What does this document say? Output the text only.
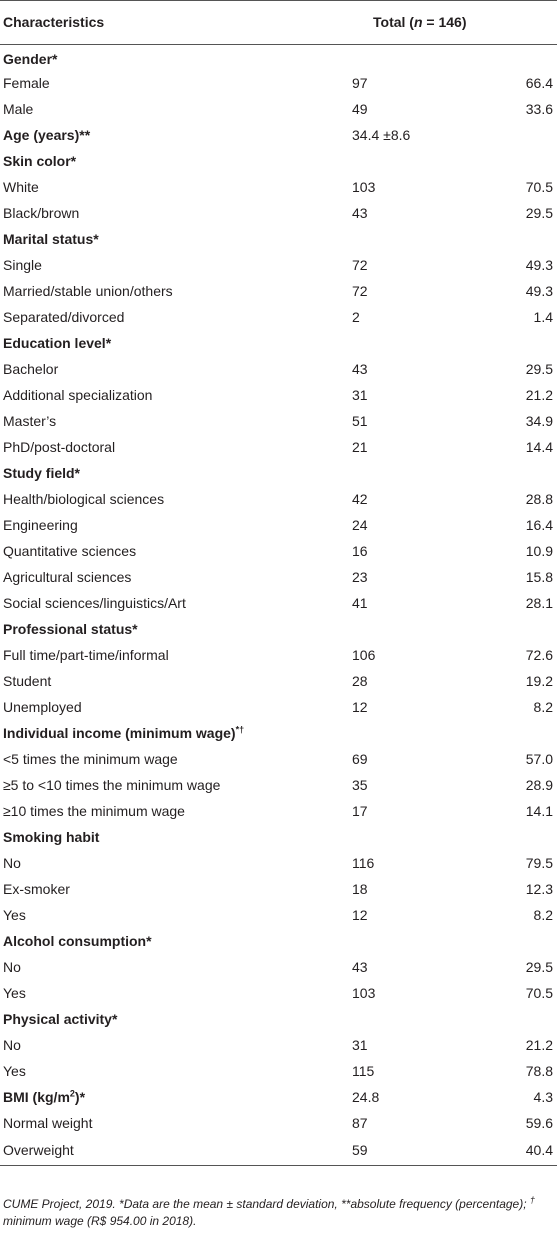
Characteristics	Total (n = 146)	
Gender*		
Female	97	66.4
Male	49	33.6
Age (years)**	34.4 ±8.6	
Skin color*		
White	103	70.5
Black/brown	43	29.5
Marital status*		
Single	72	49.3
Married/stable union/others	72	49.3
Separated/divorced	2	1.4
Education level*		
Bachelor	43	29.5
Additional specialization	31	21.2
Master’s	51	34.9
PhD/post-doctoral	21	14.4
Study field*		
Health/biological sciences	42	28.8
Engineering	24	16.4
Quantitative sciences	16	10.9
Agricultural sciences	23	15.8
Social sciences/linguistics/Art	41	28.1
Professional status*		
Full time/part-time/informal	106	72.6
Student	28	19.2
Unemployed	12	8.2
Individual income (minimum wage)*†		
<5 times the minimum wage	69	57.0
≥5 to <10 times the minimum wage	35	28.9
≥10 times the minimum wage	17	14.1
Smoking habit		
No	116	79.5
Ex-smoker	18	12.3
Yes	12	8.2
Alcohol consumption*		
No	43	29.5
Yes	103	70.5
Physical activity*		
No	31	21.2
Yes	115	78.8
BMI $(kg/m^2)*$	24.8	4.3
Normal weight	87	59.6
Overweight	59	40.4
CUME Project, 2019. *Data are the mean ± standard deviation, **absolute frequency (percentage); † minimum wage (R$ 954.00 in 2018).
